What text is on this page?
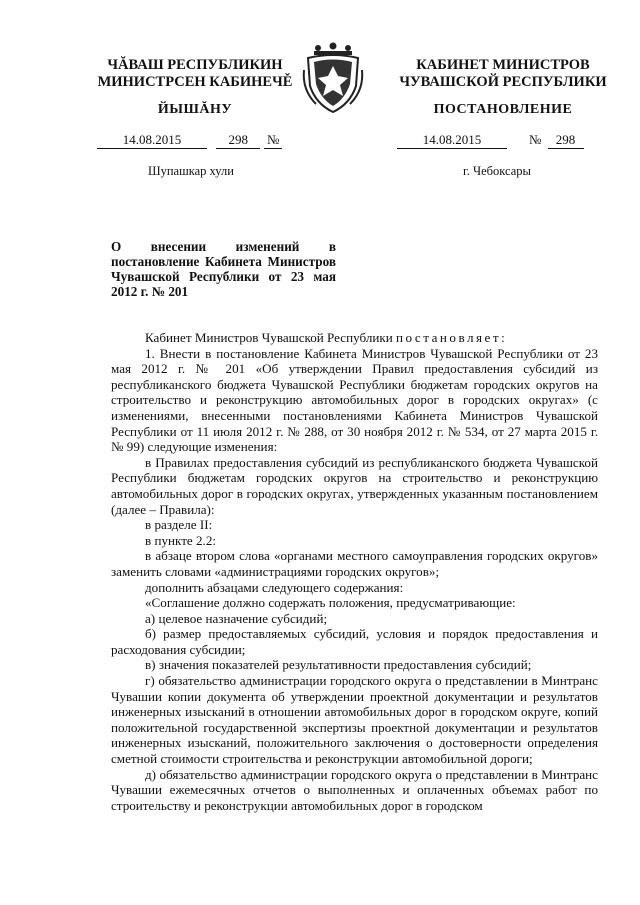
ЧĂВАШ РЕСПУБЛИКИН
МИНИСТРСЕН КАБИНЕЧĚ
ЙЫШĂНУ
КАБИНЕТ МИНИСТРОВ
ЧУВАШСКОЙ РЕСПУБЛИКИ
ПОСТАНОВЛЕНИЕ
14.08.2015	298 №	14.08.2015	№ 298
Шупашкар хули	г. Чебоксары
О внесении изменений в постановление Кабинета Министров Чувашской Республики от 23 мая 2012 г. № 201

Кабинет Министров Чувашской Республики постановляет:

1. Внести в постановление Кабинета Министров Чувашской Республики от 23 мая 2012 г. № 201 «Об утверждении Правил предоставления субсидий из республиканского бюджета Чувашской Республики бюджетам городских округов на строительство и реконструкцию автомобильных дорог в городских округах» (с изменениями, внесенными постановлениями Кабинета Министров Чувашской Республики от 11 июля 2012 г. № 288, от 30 ноября 2012 г. № 534, от 27 марта 2015 г. № 99) следующие изменения:

в Правилах предоставления субсидий из республиканского бюджета Чувашской Республики бюджетам городских округов на строительство и реконструкцию автомобильных дорог в городских округах, утвержденных указанным постановлением (далее – Правила):

в разделе II:

в пункте 2.2:

в абзаце втором слова «органами местного самоуправления городских округов» заменить словами «администрациями городских округов»;

дополнить абзацами следующего содержания:

«Соглашение должно содержать положения, предусматривающие:

а) целевое назначение субсидий;

б) размер предоставляемых субсидий, условия и порядок предоставления и расходования субсидии;

в) значения показателей результативности предоставления субсидий;

г) обязательство администрации городского округа о представлении в Минтранс Чувашии копии документа об утверждении проектной документации и результатов инженерных изысканий в отношении автомобильных дорог в городском округе, копий положительной государственной экспертизы проектной документации и результатов инженерных изысканий, положительного заключения о достоверности определения сметной стоимости строительства и реконструкции автомобильной дороги;

д) обязательство администрации городского округа о представлении в Минтранс Чувашии ежемесячных отчетов о выполненных и оплаченных объемах работ по строительству и реконструкции автомобильных дорог в городском
